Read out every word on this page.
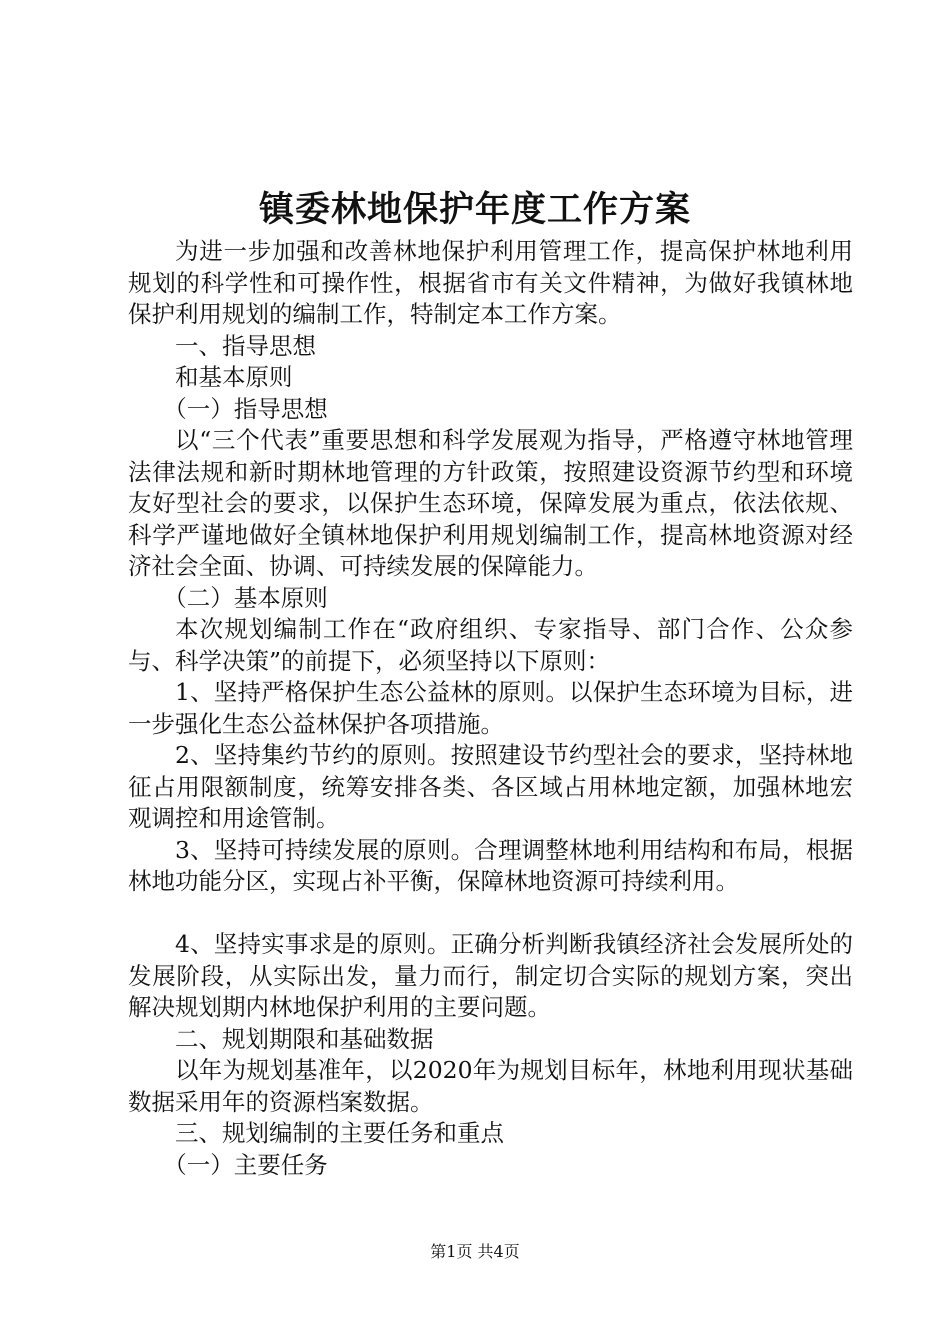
镇委林地保护年度工作方案

为进一步加强和改善林地保护利用管理工作，提高保护林地利用规划的科学性和可操作性，根据省市有关文件精神，为做好我镇林地保护利用规划的编制工作，特制定本工作方案。

一、指导思想

和基本原则

（一）指导思想

以“三个代表”重要思想和科学发展观为指导，严格遵守林地管理法律法规和新时期林地管理的方针政策，按照建设资源节约型和环境友好型社会的要求，以保护生态环境，保障发展为重点，依法依规、科学严谨地做好全镇林地保护利用规划编制工作，提高林地资源对经济社会全面、协调、可持续发展的保障能力。

（二）基本原则

本次规划编制工作在“政府组织、专家指导、部门合作、公众参与、科学决策”的前提下，必须坚持以下原则：

1、坚持严格保护生态公益林的原则。以保护生态环境为目标，进一步强化生态公益林保护各项措施。

2、坚持集约节约的原则。按照建设节约型社会的要求，坚持林地征占用限额制度，统筹安排各类、各区域占用林地定额，加强林地宏观调控和用途管制。

3、坚持可持续发展的原则。合理调整林地利用结构和布局，根据林地功能分区，实现占补平衡，保障林地资源可持续利用。

4、坚持实事求是的原则。正确分析判断我镇经济社会发展所处的发展阶段，从实际出发，量力而行，制定切合实际的规划方案，突出解决规划期内林地保护利用的主要问题。

二、规划期限和基础数据

以年为规划基准年，以2020年为规划目标年，林地利用现状基础数据采用年的资源档案数据。

三、规划编制的主要任务和重点

（一）主要任务

第1页 共4页
